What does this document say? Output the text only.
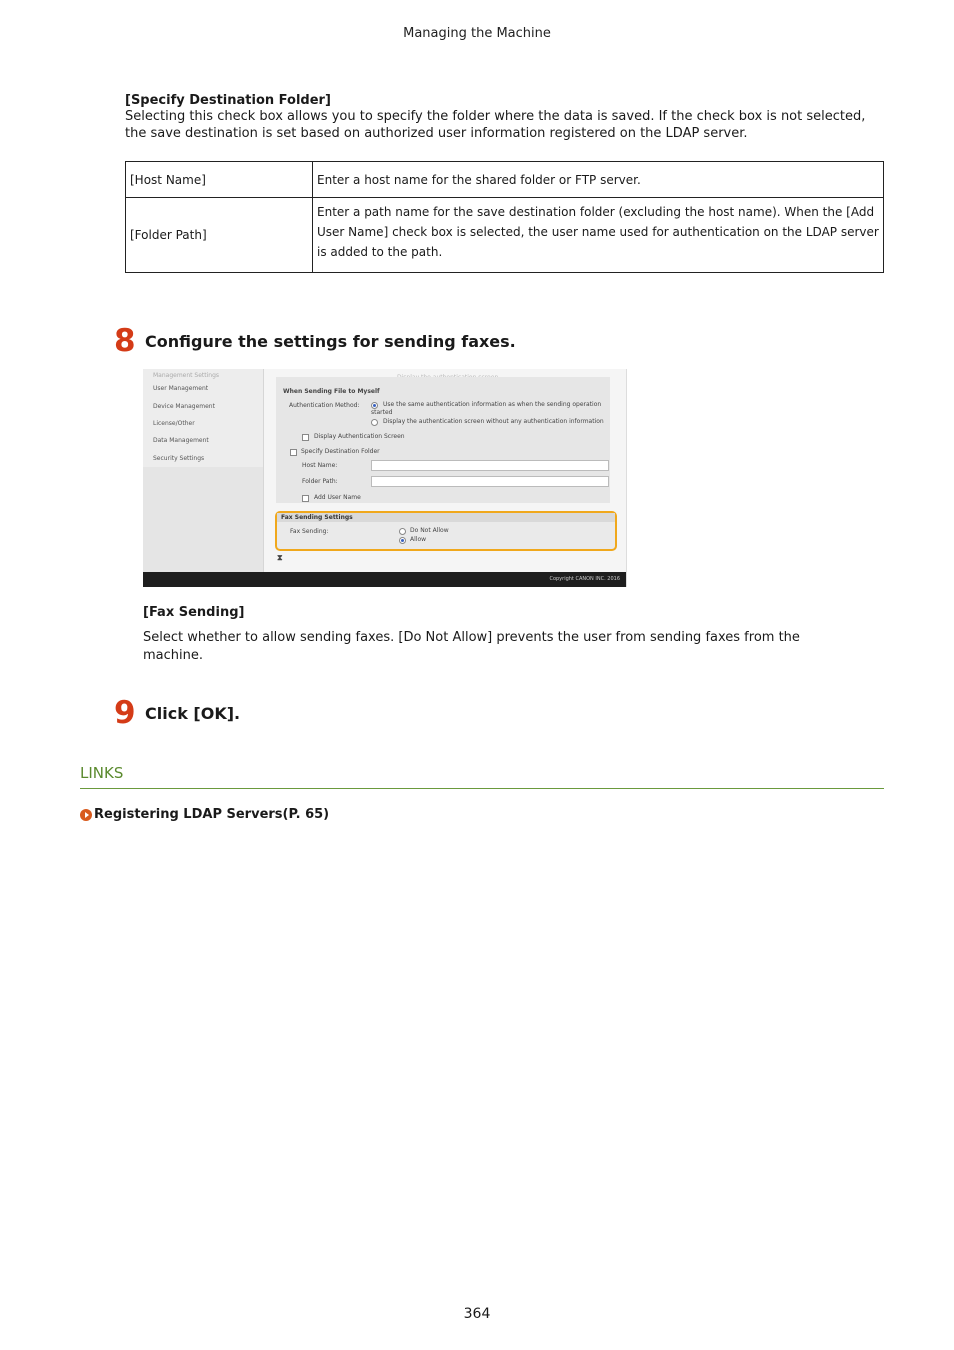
Managing the Machine
[Specify Destination Folder]
Selecting this check box allows you to specify the folder where the data is saved. If the check box is not selected, the save destination is set based on authorized user information registered on the LDAP server.
[Host Name]	Enter a host name for the shared folder or FTP server.
[Folder Path]	Enter a path name for the save destination folder (excluding the host name). When the [Add User Name] check box is selected, the user name used for authentication on the LDAP server is added to the path.
8 Configure the settings for sending faxes.
Management Settings
User Management
Device Management
License/Other
Data Management
Security Settings
When Sending File to Myself
Authentication Method:	Use the same authentication information as when the sending operation
started
Display the authentication screen without any authentication information
Display Authentication Screen
Specify Destination Folder
Host Name:
Folder Path:
Add User Name
Fax Sending Settings
Fax Sending:	Do Not Allow
Allow
⧗
Copyright CANON INC. 2016
[Fax Sending]
Select whether to allow sending faxes. [Do Not Allow] prevents the user from sending faxes from the machine.
9 Click [OK].
LINKS
Registering LDAP Servers(P. 65)
364
